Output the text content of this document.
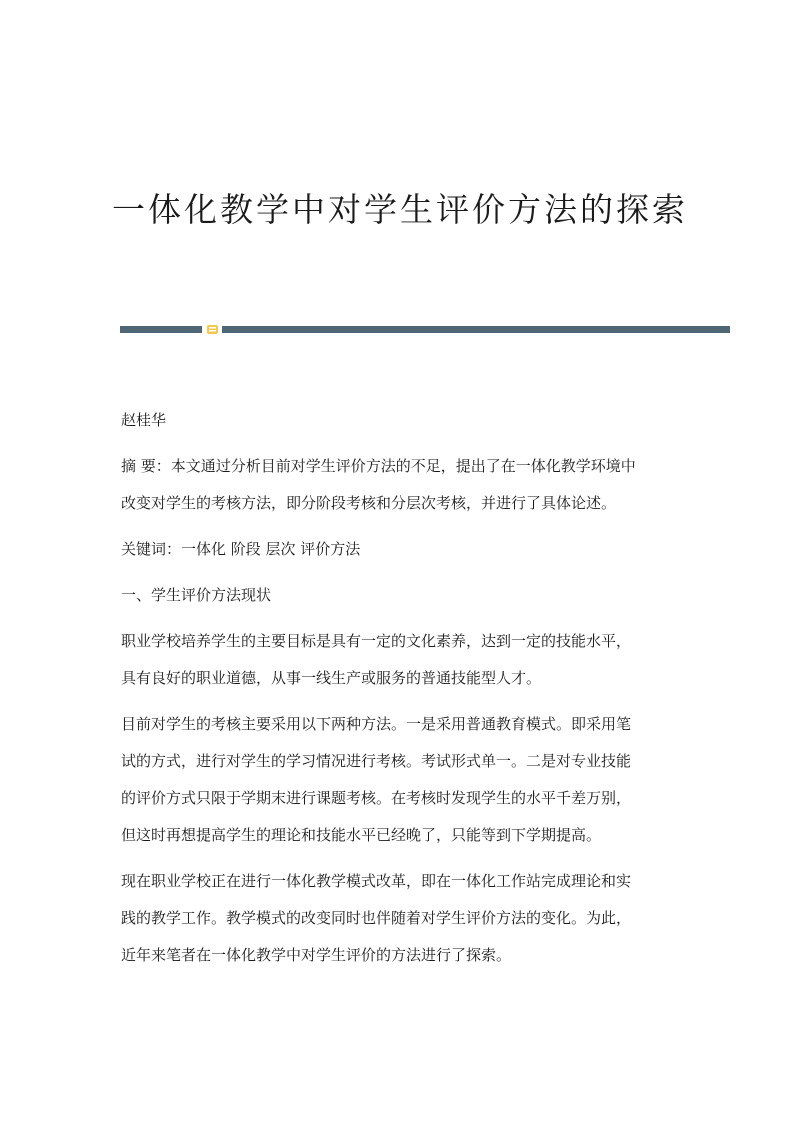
一体化教学中对学生评价方法的探索
赵桂华
摘 要：本文通过分析目前对学生评价方法的不足，提出了在一体化教学环境中
改变对学生的考核方法，即分阶段考核和分层次考核，并进行了具体论述。
关键词：一体化 阶段 层次 评价方法
一、学生评价方法现状
职业学校培养学生的主要目标是具有一定的文化素养，达到一定的技能水平，
具有良好的职业道德，从事一线生产或服务的普通技能型人才。
目前对学生的考核主要采用以下两种方法。一是采用普通教育模式。即采用笔
试的方式，进行对学生的学习情况进行考核。考试形式单一。二是对专业技能
的评价方式只限于学期末进行课题考核。在考核时发现学生的水平千差万别，
但这时再想提高学生的理论和技能水平已经晚了，只能等到下学期提高。
现在职业学校正在进行一体化教学模式改革，即在一体化工作站完成理论和实
践的教学工作。教学模式的改变同时也伴随着对学生评价方法的变化。为此，
近年来笔者在一体化教学中对学生评价的方法进行了探索。
